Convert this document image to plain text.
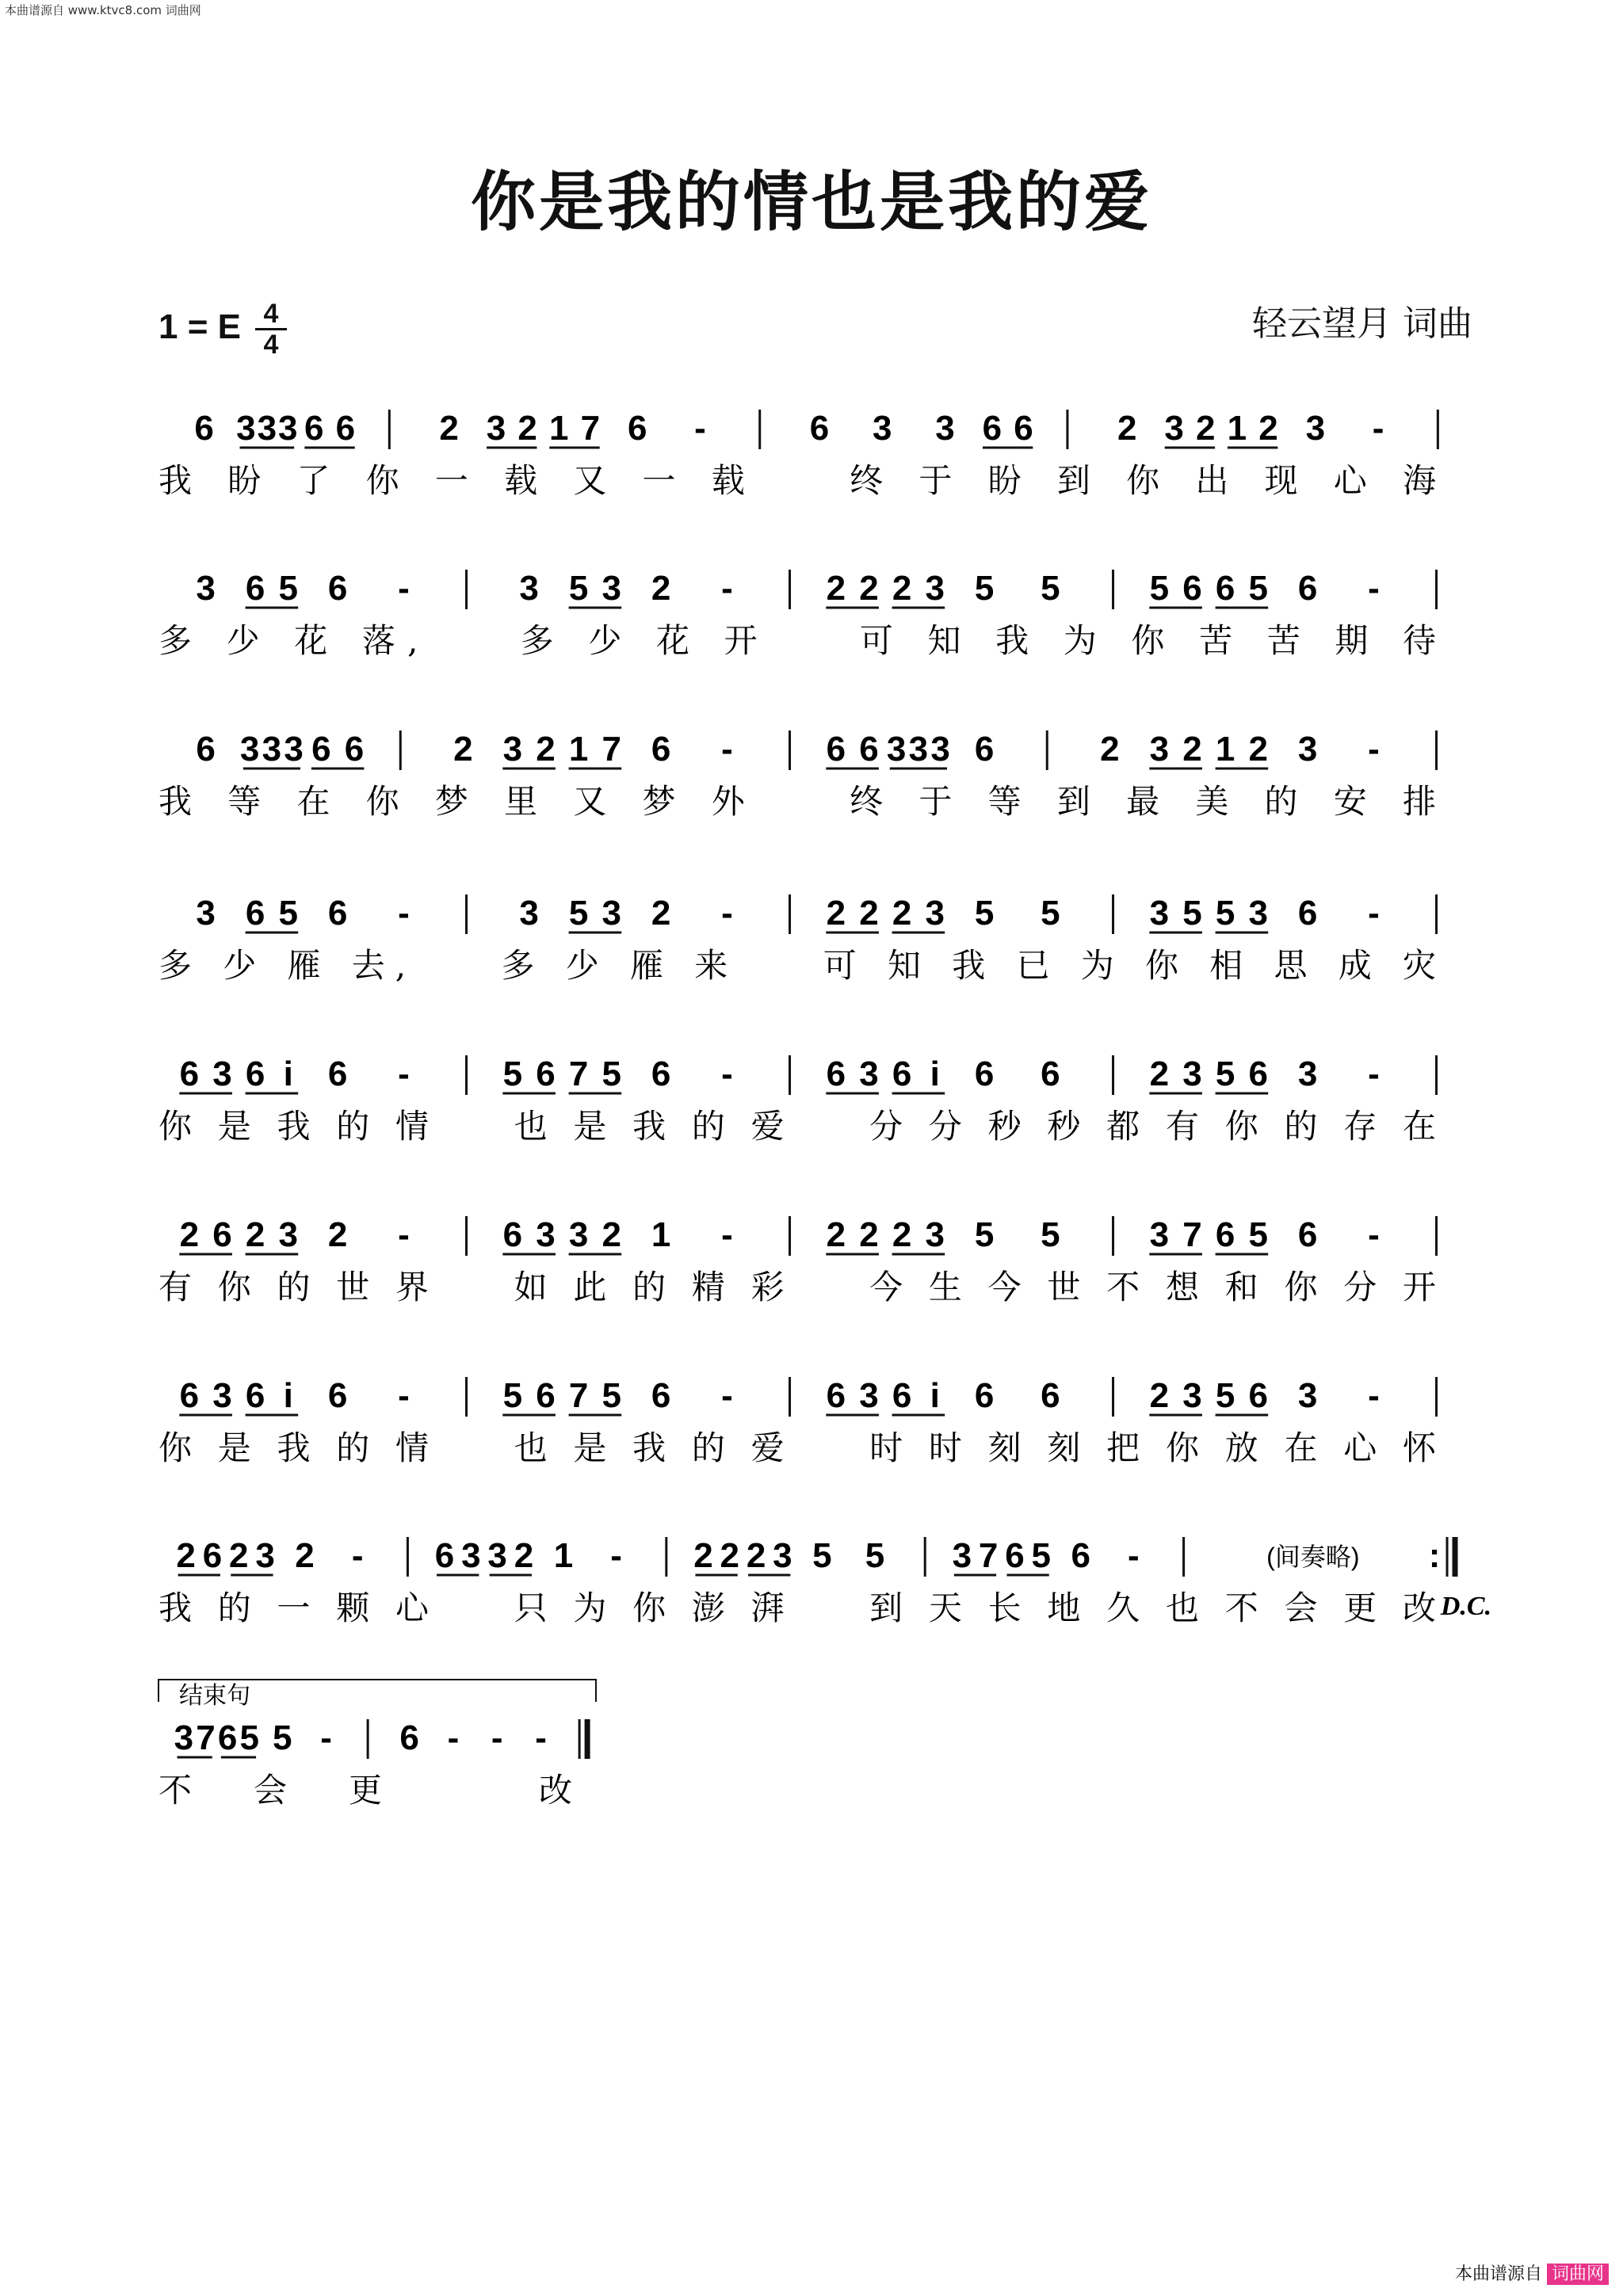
本曲谱源自 www.ktvc8.com 词曲网
你是我的情也是我的爱
1 = E 4
4
轻云望月 词曲
6 3 3 3 6 6 2 3 2 1 7 6 -	6 3 3 6 6 2 3 2 1 2 3 -
我 盼 了 你 一 载 又 一 载 　 终 于 盼 到 你 出 现 心 海
3 6 5 6 -	3 5 3 2 -	2 2 2 3 5 5	5 6 6 5 6 -
多 少 花 落, 　 多 少 花 开 　 可 知 我 为 你 苦 苦 期 待
6 3 3 3 6 6	2 3 2 1 7 6 -	6 6 3 3 3 6	2 3 2 1 2 3 -
我 等 在 你 梦 里 又 梦 外 　 终 于 等 到 最 美 的 安 排
3 6 5 6 -	3 5 3 2 -	2 2 2 3 5 5	3 5 5 3 6 -
多 少 雁 去, 　 多 少 雁 来 　 可 知 我 已 为 你 相 思 成 灾
6 3 6 i 6 -	5 6 7 5 6 -	6 3 6 i 6 6	2 3 5 6 3 -
你 是 我 的 情 　 也 是 我 的 爱 　 分 分 秒 秒 都 有 你 的 存 在
2 6 2 3 2 -	6 3 3 2 1 -	2 2 2 3 5 5	3 7 6 5 6 -
有 你 的 世 界 　 如 此 的 精 彩 　 今 生 今 世 不 想 和 你 分 开
6 3 6 i 6 -	5 6 7 5 6 -	6 3 6 i 6 6	2 3 5 6 3 -
你 是 我 的 情 　 也 是 我 的 爱 　 时 时 刻 刻 把 你 放 在 心 怀
2 6 2 3 2 - 6 3 3 2 1 - 2 2 2 3 5 5 3 7 6 5 6 -	(间奏略) :
我 的 一 颗 心 　 只 为 你 澎 湃 　 到 天 长 地 久 也 不 会 更 改
3 7 6 5 5 - 6 - - -
不 会 更 　 改
D.C.
结束句
本曲谱源自 词曲网
